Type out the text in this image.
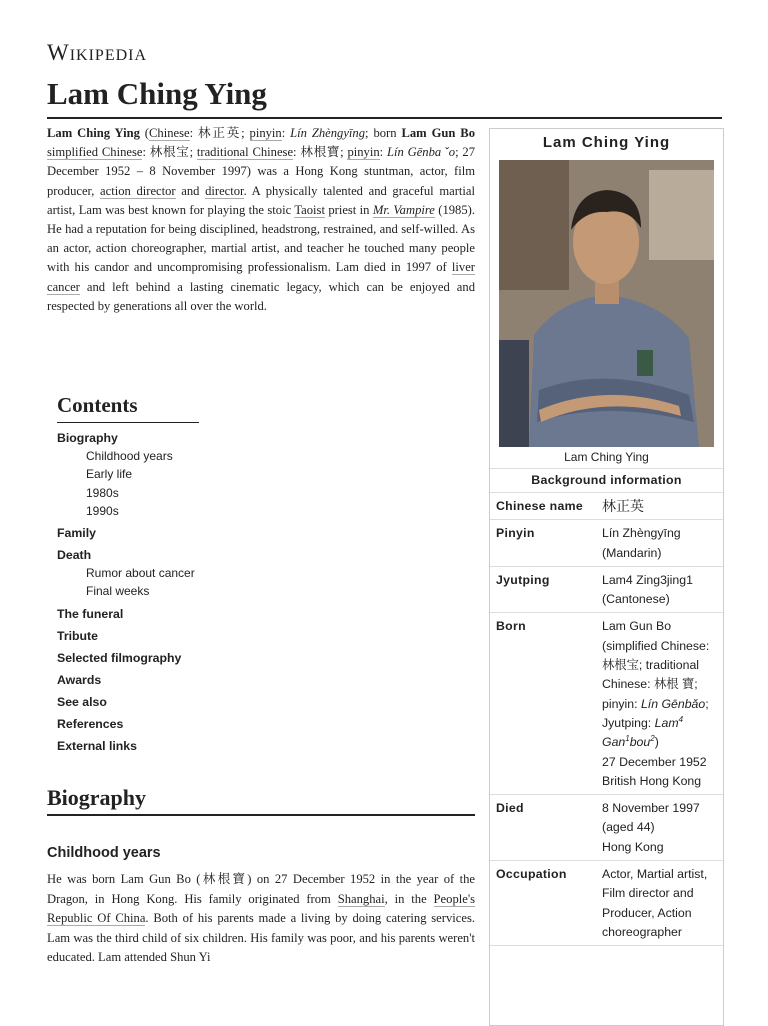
Wikipedia
Lam Ching Ying

Lam Ching Ying (Chinese: 林正英; pinyin: Lín Zhèngyīng; born Lam Gun Bo simplified Chinese: 林根宝; traditional Chinese: 林根寶; pinyin: Lín Gēnba ̌ o; 27 December 1952 – 8 November 1997) was a Hong Kong stuntman, actor, film producer, action director and director. A physically talented and graceful martial artist, Lam was best known for playing the stoic Taoist priest in Mr. Vampire (1985). He had a reputation for being disciplined, headstrong, restrained, and self-willed. As an actor, action choreographer, martial artist, and teacher he touched many people with his candor and uncompromising professionalism. Lam died in 1997 of liver cancer and left behind a lasting cinematic legacy, which can be enjoyed and respected by generations all over the world.

Contents
Biography
Childhood years
Early life
1980s
1990s
Family
Death
Rumor about cancer
Final weeks
The funeral
Tribute
Selected filmography
Awards
See also
References
External links
Biography
Childhood years

He was born Lam Gun Bo (林根寶) on 27 December 1952 in the year of the Dragon, in Hong Kong. His family originated from Shanghai, in the People's Republic Of China. Both of his parents made a living by doing catering services. Lam was the third child of six children. His family was poor, and his parents weren't educated. Lam attended Shun Yi

Lam Ching Ying
Lam Ching Ying
Background information
Chinese name	林正英
Pinyin	Lín Zhèngyīng (Mandarin)
Jyutping	Lam4 Zing3jing1 (Cantonese)
Born	Lam Gun Bo (simplified Chinese: 林根宝; traditional Chinese: 林根 寶; pinyin: Lín Gēnbǎo; Jyutping: Lam$^4$ Gan$^1$bou$^2$)
27 December 1952
British Hong Kong
Died	8 November 1997
(aged 44)
Hong Kong
Occupation	Actor, Martial artist, Film director and Producer, Action choreographer
